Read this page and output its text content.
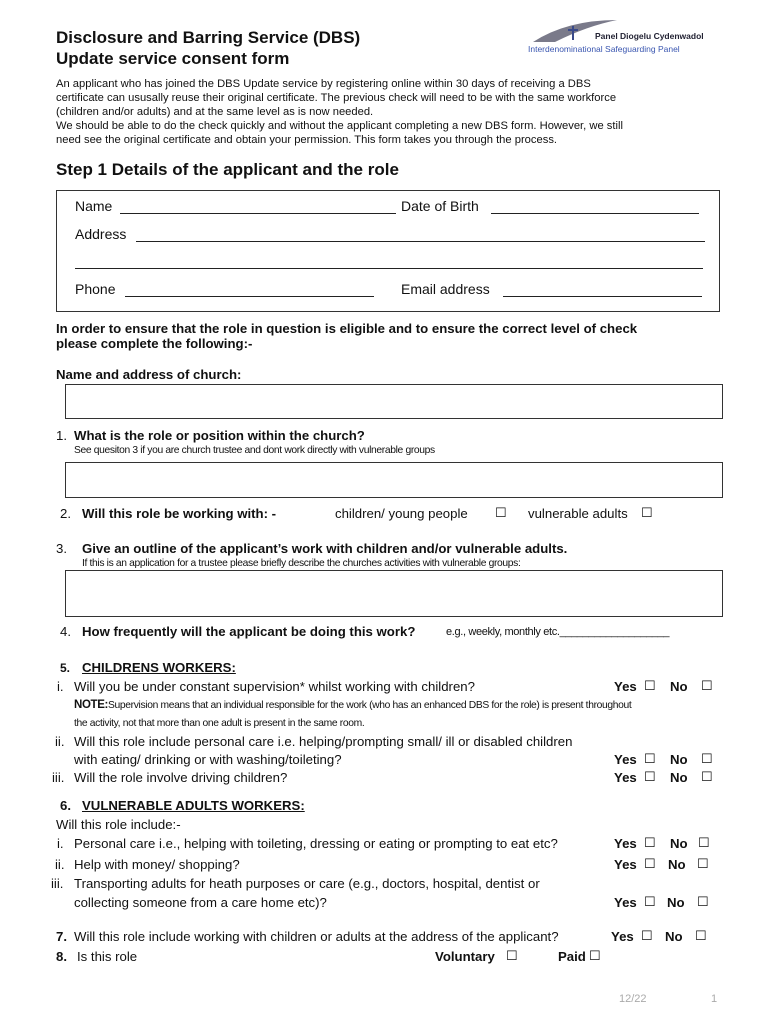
Disclosure and Barring Service (DBS)
Update service consent form
Panel Diogelu Cydenwadol
Interdenominational Safeguarding Panel
An applicant who has joined the DBS Update service by registering online within 30 days of receiving a DBS
certificate can ususally reuse their original certificate. The previous check will need to be with the same workforce
(children and/or adults) and at the same level as is now needed.
We should be able to do the check quickly and without the applicant completing a new DBS form. However, we still
need see the original certificate and obtain your permission. This form takes you through the process.
Step 1 Details of the applicant and the role
Name	Date of Birth
Address
Phone	Email address
In order to ensure that the role in question is eligible and to ensure the correct level of check
please complete the following:-
Name and address of church:
1. What is the role or position within the church?
See quesiton 3 if you are church trustee and dont work directly with vulnerable groups
2. Will this role be working with: -	children/ young people ☐ vulnerable adults ☐
3. Give an outline of the applicant’s work with children and/or vulnerable adults.
If this is an application for a trustee please briefly describe the churches activities with vulnerable groups:
4. How frequently will the applicant be doing this work?	e.g., weekly, monthly etc.___________________
5. CHILDRENS WORKERS:
i. Will you be under constant supervision* whilst working with children?	Yes ☐ No ☐
NOTE:Supervision means that an individual responsible for the work (who has an enhanced DBS for the role) is present throughout
the activity, not that more than one adult is present in the same room.
ii. Will this role include personal care i.e. helping/prompting small/ ill or disabled children
with eating/ drinking or with washing/toileting?	Yes ☐ No ☐
iii. Will the role involve driving children?	Yes ☐ No ☐
6. VULNERABLE ADULTS WORKERS:
Will this role include:-
i. Personal care i.e., helping with toileting, dressing or eating or prompting to eat etc?	Yes ☐ No ☐
ii. Help with money/ shopping?	Yes ☐ No ☐
iii. Transporting adults for heath purposes or care (e.g., doctors, hospital, dentist or
collecting someone from a care home etc)?	Yes ☐ No ☐
7. Will this role include working with children or adults at the address of the applicant?	Yes ☐ No ☐
8. Is this role	Voluntary ☐	Paid ☐
12/22	1
